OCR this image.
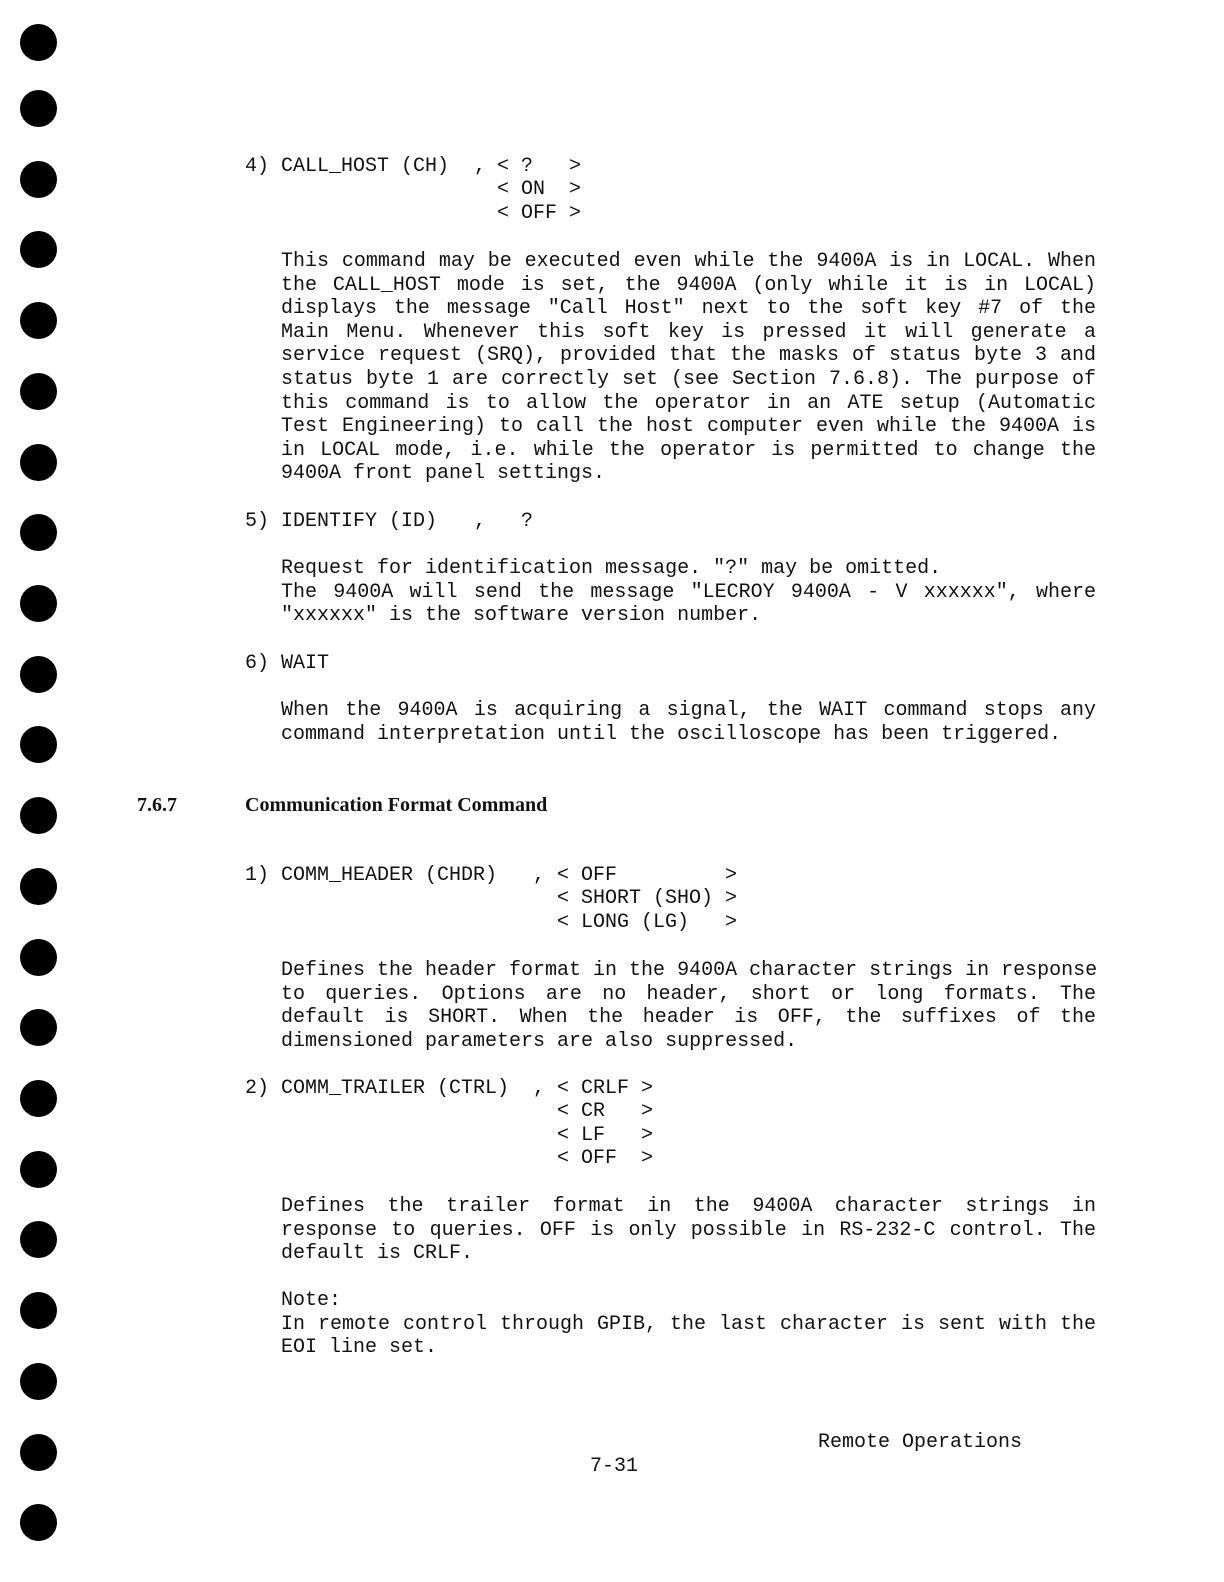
4) CALL HOST (CH) , < ?   >
< ON  >
< OFF >
This command may be executed even while the 9400A is in LOCAL. When
the CALL_HOST mode is set, the 9400A (only while it is in LOCAL)
displays the message "Call Host" next to the soft key #7 of the
Main Menu. Whenever this soft key is pressed it will generate a
service request (SRQ), provided that the masks of status byte 3 and
status byte 1 are correctly set (see Section 7.6.8). The purpose of
this command is to allow the operator in an ATE setup (Automatic
Test Engineering) to call the host computer even while the 9400A is
in LOCAL mode, i.e. while the operator is permitted to change the
9400A front panel settings.
5) IDENTIFY (ID) , ?
Request for identification message. "?" may be omitted.
The 9400A will send the message "LECROY 9400A - V xxxxxx", where
"xxxxxx" is the software version number.
6) WAIT
When the 9400A is acquiring a signal, the WAIT command stops any
command interpretation until the oscilloscope has been triggered.
7.6.7	Communication Format Command
1) COMM HEADER (CHDR) , < OFF         >
< SHORT (SHO) >
< LONG (LG)   >
Defines the header format in the 9400A character strings in response
to queries. Options are no header, short or long formats. The
default is SHORT. When the header is OFF, the suffixes of the
dimensioned parameters are also suppressed.
2) COMM TRAILER (CTRL) , < CRLF >
< CR   >
< LF   >
< OFF  >
Defines the trailer format in the 9400A character strings in
response to queries. OFF is only possible in RS-232-C control. The
default is CRLF.
Note:
In remote control through GPIB, the last character is sent with the
EOI line set.
Remote Operations
7-31
